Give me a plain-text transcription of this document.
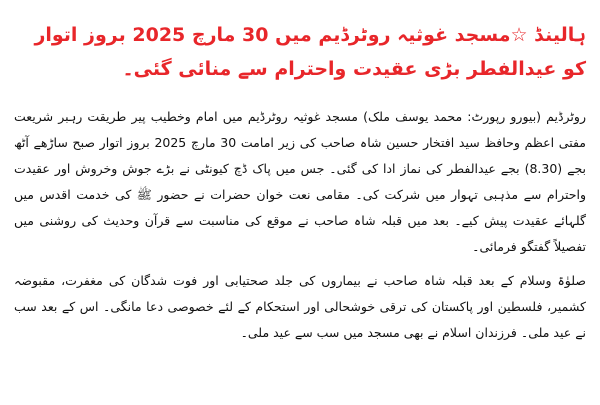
ہالینڈ ☆مسجد غوثیہ روٹرڈیم میں 30 مارچ 2025 بروز اتوار کو عیدالفطر بڑی عقیدت واحترام سے منائی گئی۔

روٹرڈیم (بیورو رپورٹ: محمد یوسف ملک) مسجد غوثیہ روٹرڈیم میں امام وخطیب پیر طریقت رہبر شریعت مفتی اعظم وحافظ سید افتخار حسین شاہ صاحب کی زیر امامت 30 مارچ 2025 بروز اتوار صبح ساڑھے آٹھ بجے (8.30) بجے عیدالفطر کی نماز ادا کی گئی۔ جس میں پاک ڈچ کیونٹی نے بڑے جوش وخروش اور عقیدت واحترام سے مذہبی تہوار میں شرکت کی۔ مقامی نعت خوان حضرات نے حضور ﷺ کی خدمت اقدس میں گلہائے عقیدت پیش کیے۔ بعد میں قبلہ شاہ صاحب نے موقع کی مناسبت سے قرآن وحدیث کی روشنی میں تفصیلاً گفتگو فرمائی۔

صلوٰۃ وسلام کے بعد قبلہ شاہ صاحب نے بیماروں کی جلد صحتیابی اور فوت شدگان کی مغفرت، مقبوضہ کشمیر، فلسطین اور پاکستان کی ترقی خوشحالی اور استحکام کے لئے خصوصی دعا مانگی۔ اس کے بعد سب نے عید ملی۔ فرزندان اسلام نے بھی مسجد میں سب سے عید ملی۔
